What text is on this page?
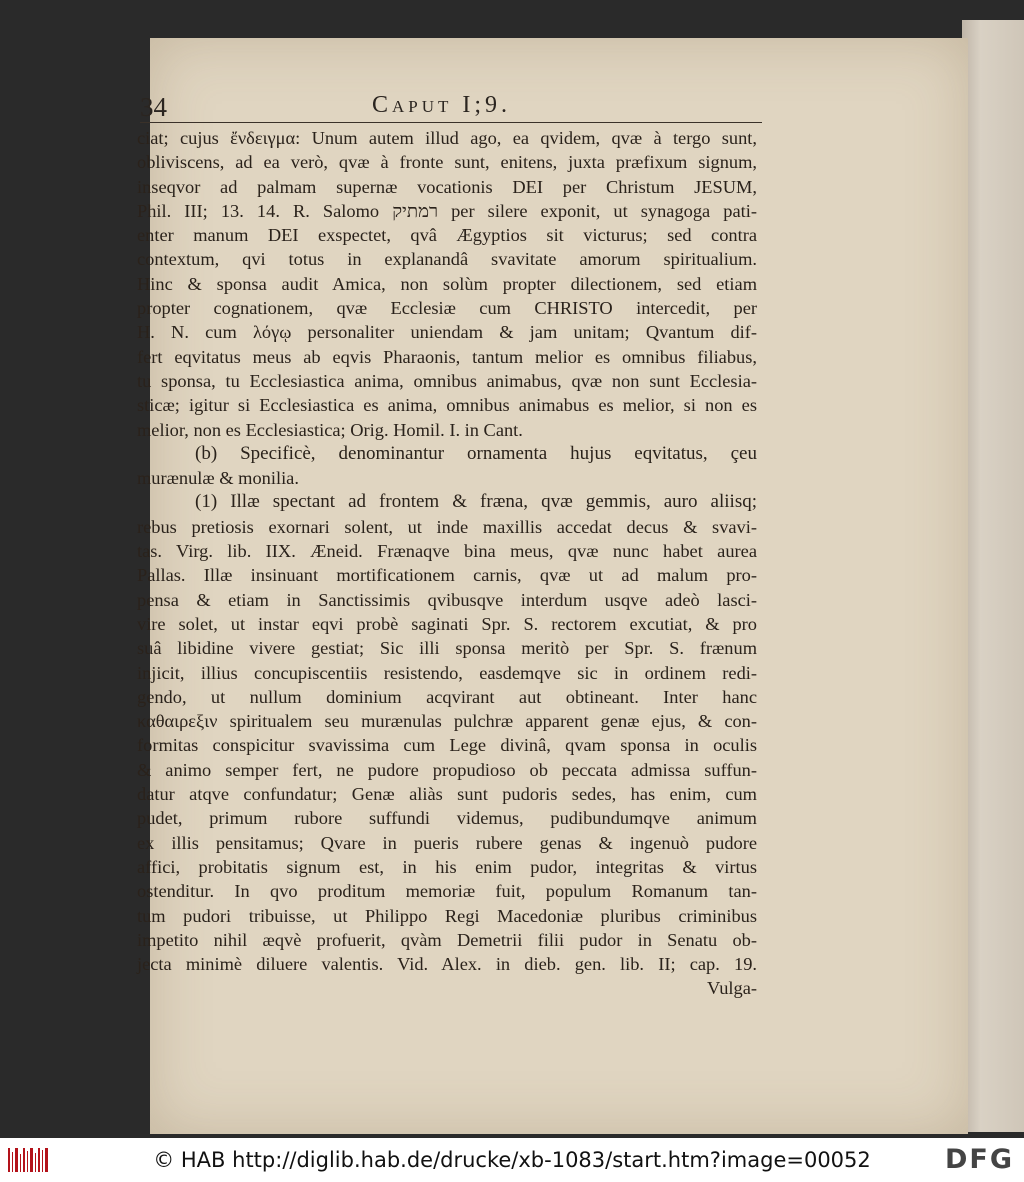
34	Caput I;9.
ciat; cujus ἔνδειγμα: Unum autem illud ago, ea qvidem, qvæ à tergo sunt,
obliviscens, ad ea verò, qvæ à fronte sunt, enitens, juxta præfixum signum,
inseqvor ad palmam supernæ vocationis DEI per Christum JESUM,
Phil. III; 13. 14. R. Salomo רמתיק per silere exponit, ut synagoga pati-
enter manum DEI exspectet, qvâ Ægyptios sit victurus; sed contra
contextum, qvi totus in explanandâ svavitate amorum spiritualium.
Hinc & sponsa audit Amica, non solùm propter dilectionem, sed etiam
propter cognationem, qvæ Ecclesiæ cum CHRISTO intercedit, per
H. N. cum λόγῳ personaliter uniendam & jam unitam; Qvantum dif-
fert eqvitatus meus ab eqvis Pharaonis, tantum melior es omnibus filiabus,
tu sponsa, tu Ecclesiastica anima, omnibus animabus, qvæ non sunt Ecclesia-
sticæ; igitur si Ecclesiastica es anima, omnibus animabus es melior, si non es
melior, non es Ecclesiastica; Orig. Homil. I. in Cant.
(b) Specificè, denominantur ornamenta hujus eqvitatus, çeu
murænulæ & monilia.
(1) Illæ spectant ad frontem & fræna, qvæ gemmis, auro aliisq;
rebus pretiosis exornari solent, ut inde maxillis accedat decus & svavi-
tas. Virg. lib. IIX. Æneid. Frænaqve bina meus, qvæ nunc habet aurea
Pallas. Illæ insinuant mortificationem carnis, qvæ ut ad malum pro-
pensa & etiam in Sanctissimis qvibusqve interdum usqve adeò lasci-
vire solet, ut instar eqvi probè saginati Spr. S. rectorem excutiat, & pro
suâ libidine vivere gestiat; Sic illi sponsa meritò per Spr. S. frænum
injicit, illius concupiscentiis resistendo, easdemqve sic in ordinem redi-
gendo, ut nullum dominium acqvirant aut obtineant. Inter hanc
καθαιρεξιν spiritualem seu murænulas pulchræ apparent genæ ejus, & con-
formitas conspicitur svavissima cum Lege divinâ, qvam sponsa in oculis
& animo semper fert, ne pudore propudioso ob peccata admissa suffun-
datur atqve confundatur; Genæ aliàs sunt pudoris sedes, has enim, cum
pudet, primum rubore suffundi videmus, pudibundumqve animum
ex illis pensitamus; Qvare in pueris rubere genas & ingenuò pudore
affici, probitatis signum est, in his enim pudor, integritas & virtus
ostenditur. In qvo proditum memoriæ fuit, populum Romanum tan-
tum pudori tribuisse, ut Philippo Regi Macedoniæ pluribus criminibus
impetito nihil æqvè profuerit, qvàm Demetrii filii pudor in Senatu ob-
jecta minimè diluere valentis. Vid. Alex. in dieb. gen. lib. II; cap. 19.
Vulga-
© HAB http://diglib.hab.de/drucke/xb-1083/start.htm?image=00052	DFG
